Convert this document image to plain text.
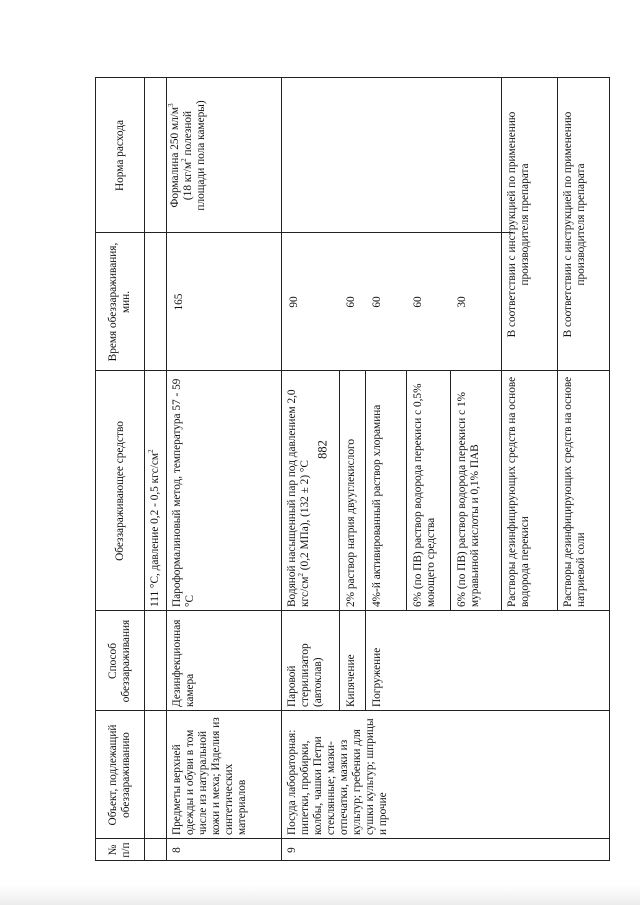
882
№ п/п
Объект, подлежащий обеззараживанию
Способ обеззараживания
Обеззараживающее средство
Время обеззараживания, мин.
Норма расхода
111 °С, давление 0,2 - 0,5 кгс/$см^2$
8
Предметы верхней одежды и обуви в том числе из натуральной кожи и меха; Изделия из синтетических материалов
Дезинфекционная камера
Пароформалиновый метод, температура 57 - 59 °С
165
Формалина 250 $мл/м^3$
(18 $кг/м^2$ полезной
площади пола камеры)
9
Посуда лабораторная: пипетки, пробирки, колбы, чашки Петри стеклянные; мазки-отпечатки, мазки из культур; гребенки для сушки культур; шприцы и прочие
Паровой стерилизатор (автоклав) Кипячение Погружение
Водяной насыщенный пар под давлением 2,0 кгс/$см^2$ (0,2 МПа), (132 ± 2) °С
90
2% раствор натрия двууглекислого
60
4%-й активированный раствор хлорамина
60
6% (по ПВ) раствор водорода перекиси с 0,5% моющего средства
60
6% (по ПВ) раствор водорода перекиси с 1% муравьиной кислоты и 0,1% ПАВ
30
Растворы дезинфицирующих средств на основе водорода перекиси
В соответствии с инструкцией по применению производителя препарата
Растворы дезинфицирующих средств на основе натриевой соли
В соответствии с инструкцией по применению производителя препарата
